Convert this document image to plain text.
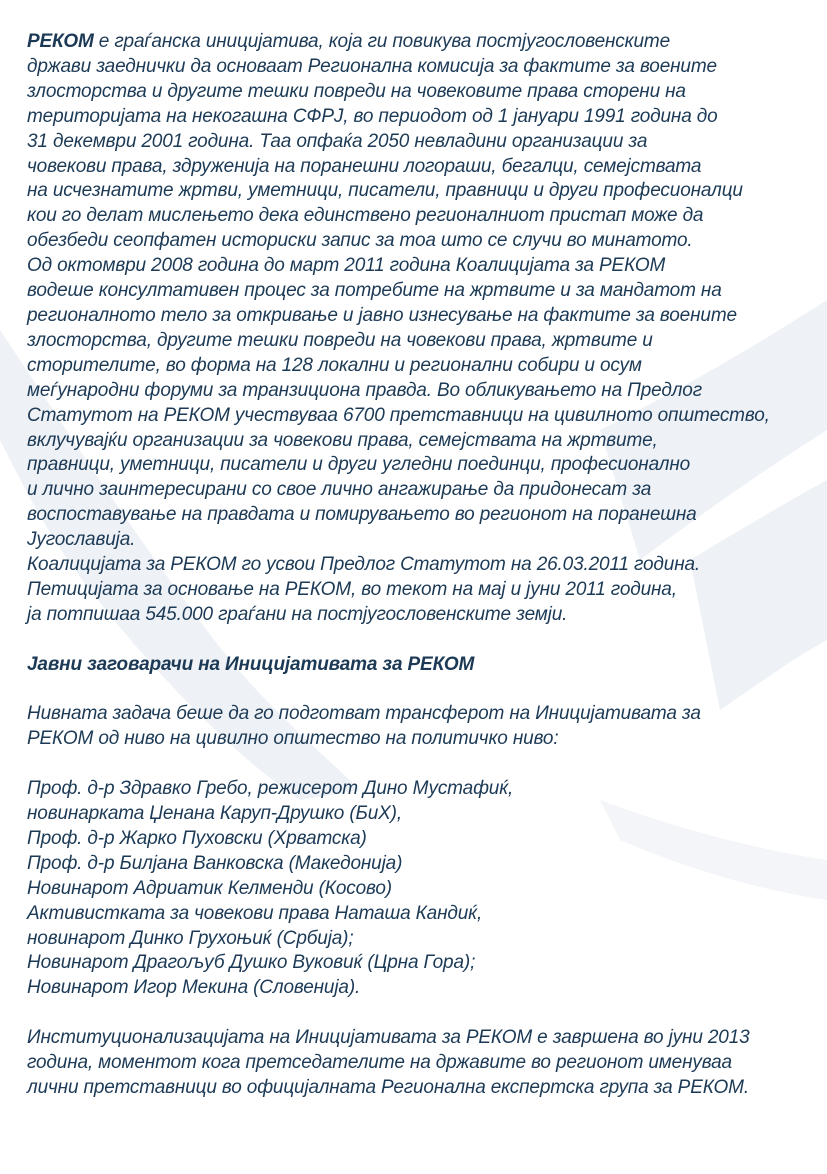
РЕКОМ е граѓанска иницијатива, која ги повикува постјугословенските
држави заеднички да основаат Регионална комисија за фактите за воените
злосторства и другите тешки повреди на човековите права сторени на
територијата на некогашна СФРЈ, во периодот од 1 јануари 1991 година до
31 декември 2001 година. Таа опфаќа 2050 невладини организации за
човекови права, здруженија на поранешни логораши, бегалци, семејствата
на исчезнатите жртви, уметници, писатели, правници и други професионалци
кои го делат мислењето дека единствено регионалниот пристап може да
обезбеди сеопфатен историски запис за тоа што се случи во минатото.
Од октомври 2008 година до март 2011 година Коалицијата за РЕКОМ
водеше консултативен процес за потребите на жртвите и за мандатот на
регионалното тело за откривање и јавно изнесување на фактите за воените
злосторства, другите тешки повреди на човекови права, жртвите и
сторителите, во форма на 128 локални и регионални собири и осум
меѓународни форуми за транзициона правда. Во обликувањето на Предлог
Статутот на РЕКОМ учествуваа 6700 претставници на цивилното општество,
вклучувајќи организации за човекови права, семејствата на жртвите,
правници, уметници, писатели и други угледни поединци, професионално
и лично заинтересирани со свое лично ангажирање да придонесат за
воспоставување на правдата и помирувањето во регионот на поранешна
Југославија.
Коалицијата за РЕКОМ го усвои Предлог Статутот на 26.03.2011 година.
Петицијата за основање на РЕКОМ, во текот на мај и јуни 2011 година,
ја потпишаа 545.000 граѓани на постјугословенските земји.

Јавни заговарачи на Иницијативата за РЕКОМ

Нивната задача беше да го подготват трансферот на Иницијативата за
РЕКОМ од ниво на цивилно општество на политичко ниво:

Проф. д-р Здравко Гребо, режисерот Дино Мустафиќ,
новинарката Џенана Каруп-Друшко (БиХ),
Проф. д-р Жарко Пуховски (Хрватска)
Проф. д-р Билјана Ванковска (Македонија)
Новинарот Адриатик Келменди (Косово)
Активистката за човекови права Наташа Кандиќ,
новинарот Динко Грухоњиќ (Србија);
Новинарот Драгољуб Душко Вуковиќ (Црна Гора);
Новинарот Игор Мекина (Словенија).

Институционализацијата на Иницијативата за РЕКОМ е завршена во јуни 2013
година, моментот кога претседателите на државите во регионот именуваа
лични претставници во официјалната Регионална експертска група за РЕКОМ.
